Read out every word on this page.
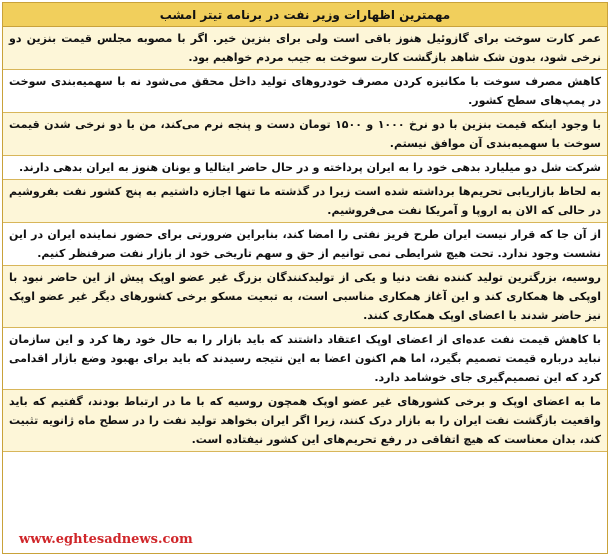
مهمترین اظهارات وزیر نفت در برنامه تیتر امشب
عمر کارت سوخت برای گازوئیل هنوز باقی است ولی برای بنزین خیر. اگر با مصوبه مجلس قیمت بنزین دو نرخی شود، بدون شک شاهد بازگشت کارت سوخت به جیب مردم خواهیم بود.
کاهش مصرف سوخت با مکانیزه کردن مصرف خودروهای تولید داخل محقق می‌شود نه با سهمیه‌بندی سوخت در پمپ‌های سطح کشور.
با وجود اینکه قیمت بنزین با دو نرخ ۱۰۰۰ و ۱۵۰۰ تومان دست و پنجه نرم می‌کند، من با دو نرخی شدن قیمت سوخت با سهمیه‌بندی آن موافق نیستم.
شرکت شل دو میلیارد بدهی خود را به ایران پرداخته و در حال حاضر ایتالیا و یونان هنوز به ایران بدهی دارند.
به لحاظ بازاریابی تحریم‌ها برداشته شده است زیرا در گذشته ما تنها اجازه داشتیم به پنج کشور نفت بفروشیم در حالی که الان به اروپا و آمریکا نفت می‌فروشیم.
از آن جا که قرار نیست ایران طرح فریز نفتی را امضا کند، بنابراین ضرورتی برای حضور نماینده ایران در این نشست وجود ندارد. تحت هیچ شرایطی نمی توانیم از حق و سهم تاریخی خود از بازار نفت صرفنظر کنیم.
روسیه، بزرگترین تولید کننده نفت دنیا و یکی از تولیدکنندگان بزرگ غیر عضو اوپک پیش از این حاضر نبود با اوپکی ها همکاری کند و این آغاز همکاری مناسبی است، به تبعیت مسکو برخی کشورهای دیگر غیر عضو اوپک نیز حاضر شدند با اعضای اوپک همکاری کنند.
با کاهش قیمت نفت عده‌ای از اعضای اوپک اعتقاد داشتند که باید بازار را به حال خود رها کرد و این سازمان نباید درباره قیمت تصمیم بگیرد، اما هم اکنون اعضا به این نتیجه رسیدند که باید برای بهبود وضع بازار اقدامی کرد که این تصمیم‌گیری جای خوشامد دارد.
ما به اعضای اوپک و برخی کشورهای غیر عضو اوپک همچون روسیه که با ما در ارتباط بودند، گفتیم که باید واقعیت بازگشت نفت ایران را به بازار درک کنند، زیرا اگر ایران بخواهد تولید نفت را در سطح ماه ژانویه تثبیت کند، بدان معناست که هیچ اتفاقی در رفع تحریم‌های این کشور نیفتاده است.
www.eghtesadnews.com
